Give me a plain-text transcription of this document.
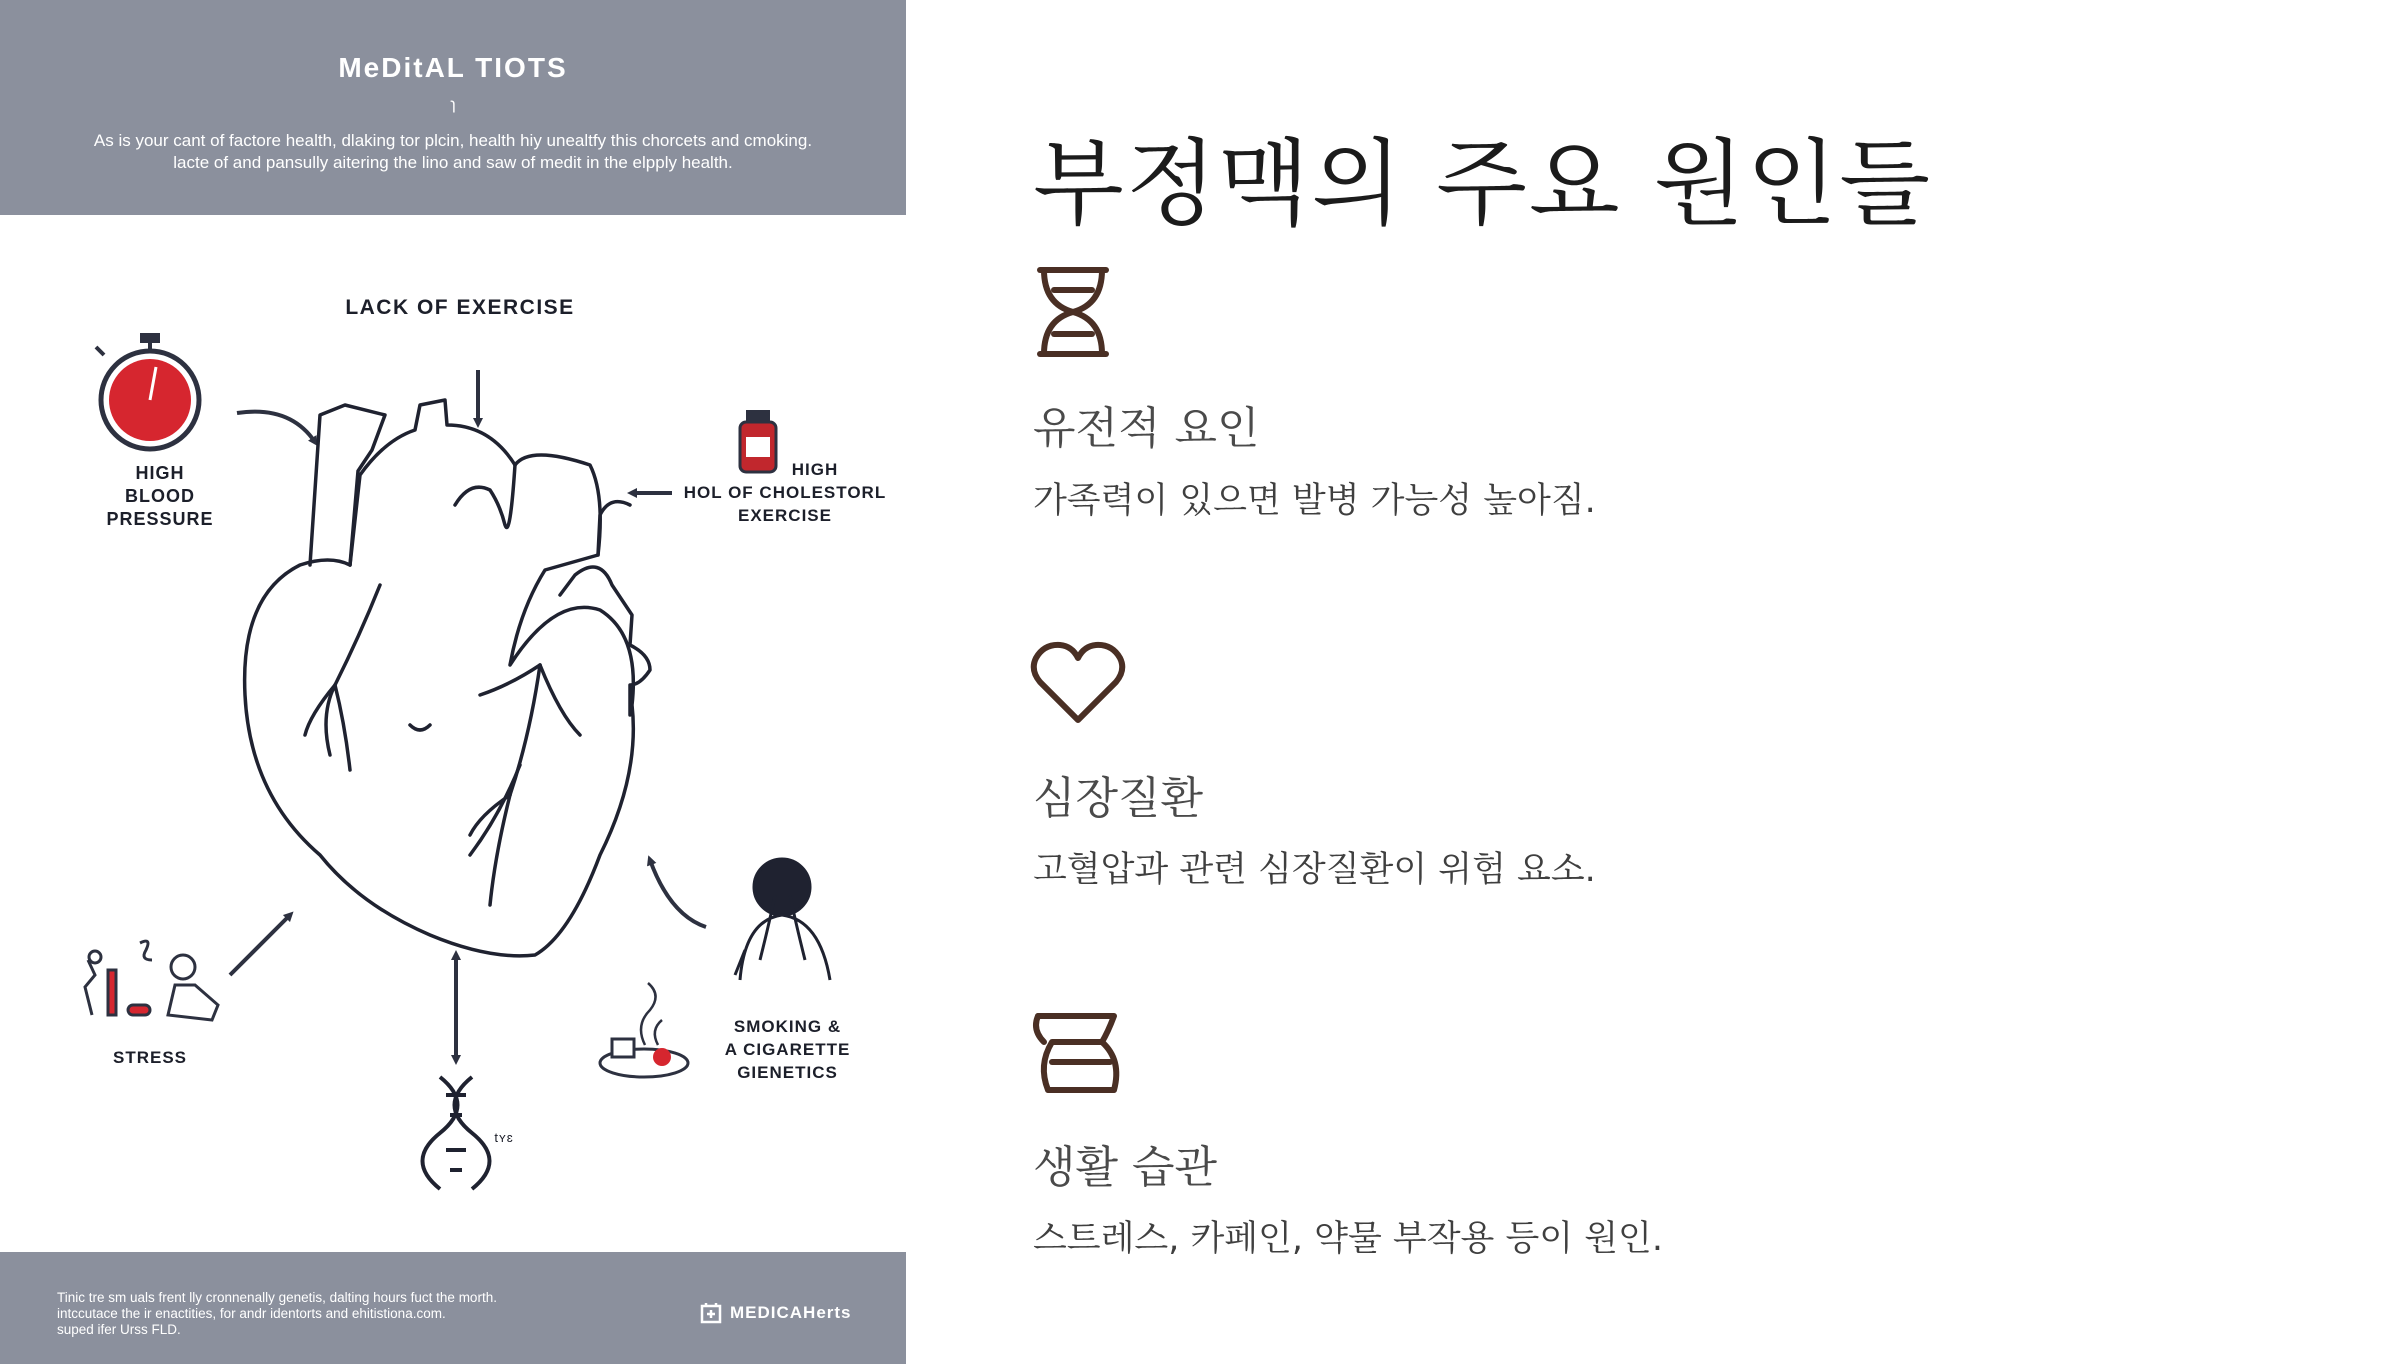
MeDitAL TIOTS
ɿ
As is your cant of factore health, dlaking tor plcin, health hiy unealtfy this chorcets and cmoking.
lacte of and pansully aitering the lino and saw of medit in the elpply health.
LACK OF EXERCISE
HIGH
BLOOD
PRESSURE
HIGH
HOL OF CHOLESTORL
EXERCISE
STRESS
SMOKING &
A CIGARETTE
GIENETICS
tʏɛ
Tinic tre sm uals frent lly cronnenally genetis, dalting hours fuct the morth.
intccutace the ir enactities, for andr identorts and ehitistiona.com.
suped ifer Urss FLD.
MEDICAHerts
부정맥의 주요 원인들
유전적 요인
가족력이 있으면 발병 가능성 높아짐.
심장질환
고혈압과 관련 심장질환이 위험 요소.
생활 습관
스트레스, 카페인, 약물 부작용 등이 원인.
